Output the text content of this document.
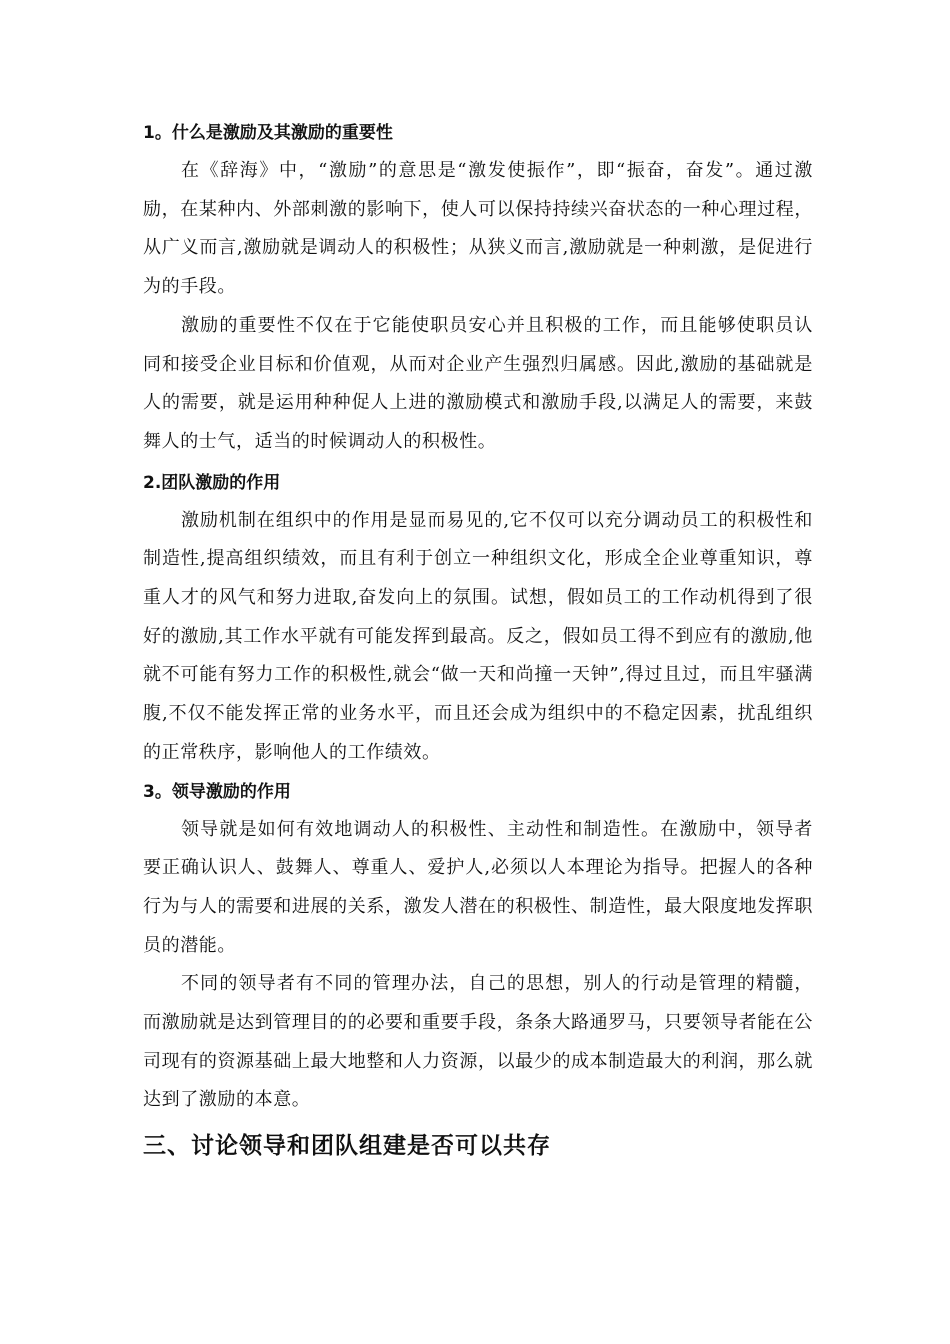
1。什么是激励及其激励的重要性

在《辞海》中，“激励”的意思是“激发使振作”，即“振奋，奋发”。通过激励，在某种内、外部刺激的影响下，使人可以保持持续兴奋状态的一种心理过程，从广义而言,激励就是调动人的积极性；从狭义而言,激励就是一种刺激，是促进行为的手段。

激励的重要性不仅在于它能使职员安心并且积极的工作，而且能够使职员认同和接受企业目标和价值观，从而对企业产生强烈归属感。因此,激励的基础就是人的需要，就是运用种种促人上进的激励模式和激励手段,以满足人的需要，来鼓舞人的士气，适当的时候调动人的积极性。

2.团队激励的作用

激励机制在组织中的作用是显而易见的,它不仅可以充分调动员工的积极性和制造性,提高组织绩效，而且有利于创立一种组织文化，形成全企业尊重知识，尊重人才的风气和努力进取,奋发向上的氛围。试想，假如员工的工作动机得到了很好的激励,其工作水平就有可能发挥到最高。反之，假如员工得不到应有的激励,他就不可能有努力工作的积极性,就会“做一天和尚撞一天钟”,得过且过，而且牢骚满腹,不仅不能发挥正常的业务水平，而且还会成为组织中的不稳定因素，扰乱组织的正常秩序，影响他人的工作绩效。

3。领导激励的作用

领导就是如何有效地调动人的积极性、主动性和制造性。在激励中，领导者要正确认识人、鼓舞人、尊重人、爱护人,必须以人本理论为指导。把握人的各种行为与人的需要和进展的关系，激发人潜在的积极性、制造性，最大限度地发挥职员的潜能。

不同的领导者有不同的管理办法，自己的思想，别人的行动是管理的精髓，而激励就是达到管理目的的必要和重要手段，条条大路通罗马，只要领导者能在公司现有的资源基础上最大地整和人力资源，以最少的成本制造最大的利润，那么就达到了激励的本意。

三、讨论领导和团队组建是否可以共存
